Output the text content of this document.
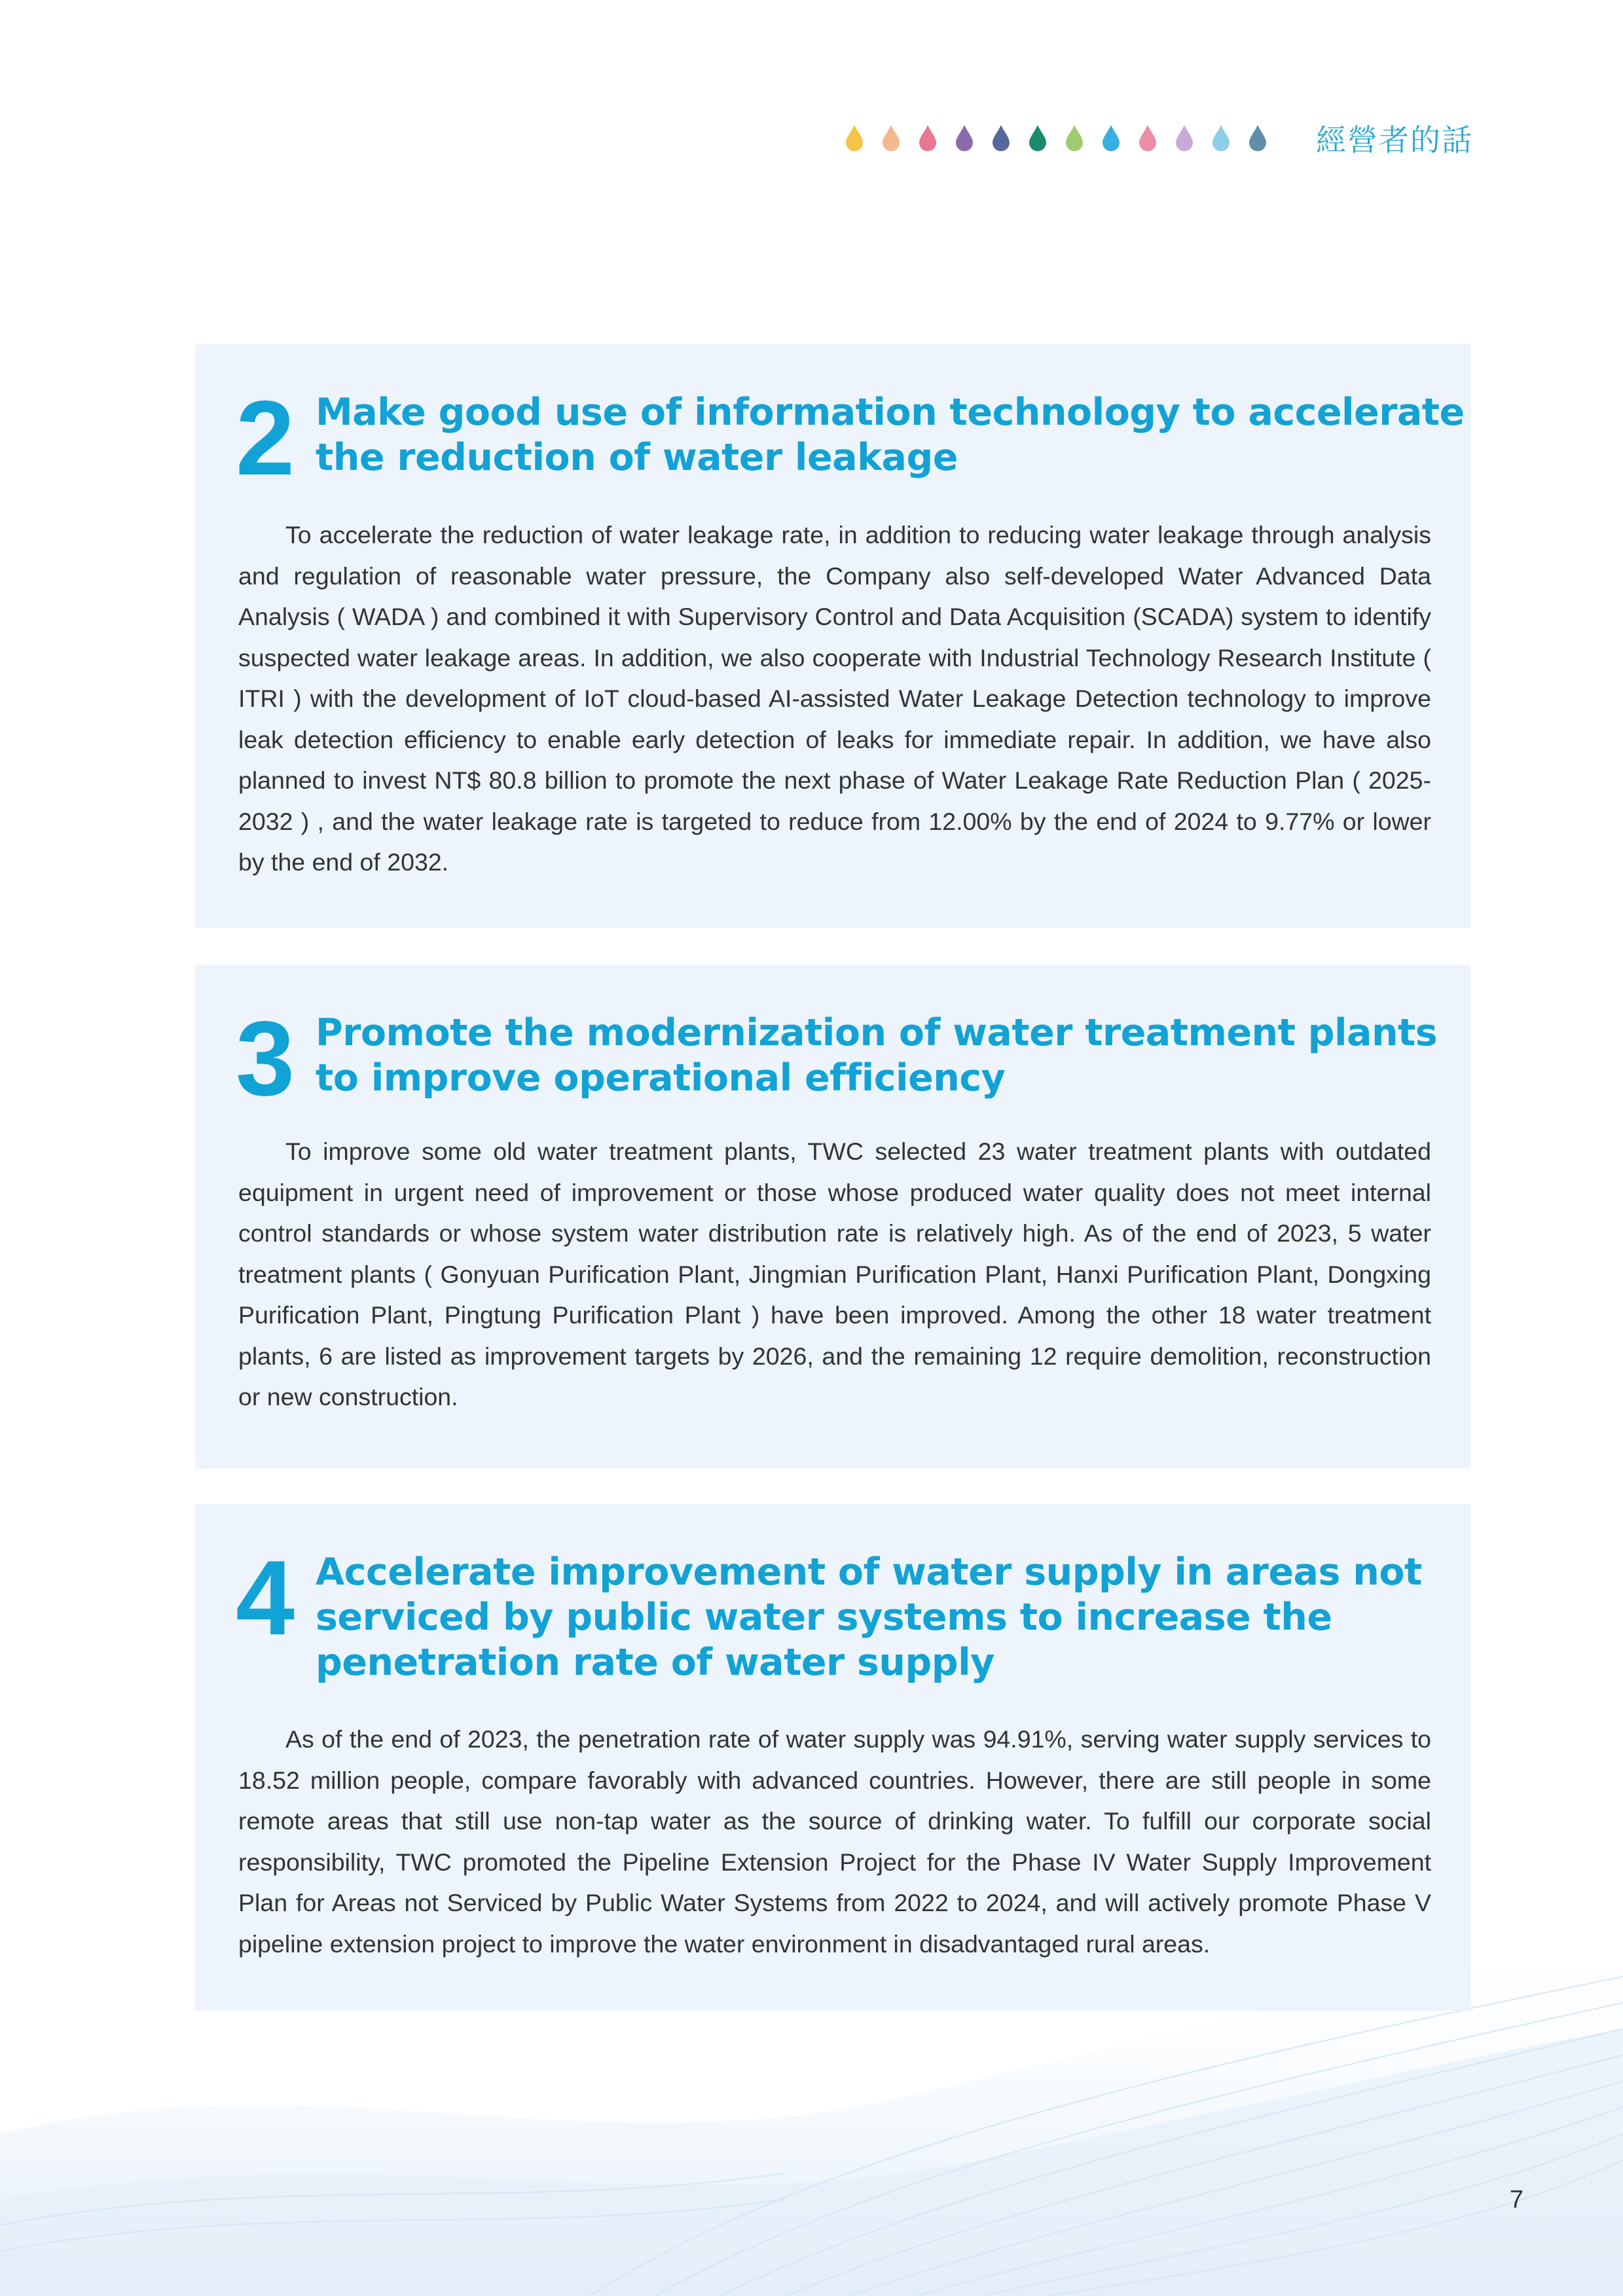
經營者的話
2 Make good use of information technology to accelerate the reduction of water leakage

To accelerate the reduction of water leakage rate, in addition to reducing water leakage through analysis and regulation of reasonable water pressure, the Company also self-developed Water Advanced Data Analysis ( WADA ) and combined it with Supervisory Control and Data Acquisition (SCADA) system to identify suspected water leakage areas. In addition, we also cooperate with Industrial Technology Research Institute ( ITRI ) with the development of IoT cloud-based AI-assisted Water Leakage Detection technology to improve leak detection efficiency to enable early detection of leaks for immediate repair. In addition, we have also planned to invest NT$ 80.8 billion to promote the next phase of Water Leakage Rate Reduction Plan ( 2025-2032 ) , and the water leakage rate is targeted to reduce from 12.00% by the end of 2024 to 9.77% or lower by the end of 2032.

3 Promote the modernization of water treatment plants to improve operational efficiency

To improve some old water treatment plants, TWC selected 23 water treatment plants with outdated equipment in urgent need of improvement or those whose produced water quality does not meet internal control standards or whose system water distribution rate is relatively high. As of the end of 2023, 5 water treatment plants ( Gonyuan Purification Plant, Jingmian Purification Plant, Hanxi Purification Plant, Dongxing Purification Plant, Pingtung Purification Plant ) have been improved. Among the other 18 water treatment plants, 6 are listed as improvement targets by 2026, and the remaining 12 require demolition, reconstruction or new construction.

4 Accelerate improvement of water supply in areas not serviced by public water systems to increase the penetration rate of water supply

As of the end of 2023, the penetration rate of water supply was 94.91%, serving water supply services to 18.52 million people, compare favorably with advanced countries. However, there are still people in some remote areas that still use non-tap water as the source of drinking water. To fulfill our corporate social responsibility, TWC promoted the Pipeline Extension Project for the Phase IV Water Supply Improvement Plan for Areas not Serviced by Public Water Systems from 2022 to 2024, and will actively promote Phase V pipeline extension project to improve the water environment in disadvantaged rural areas.

7
